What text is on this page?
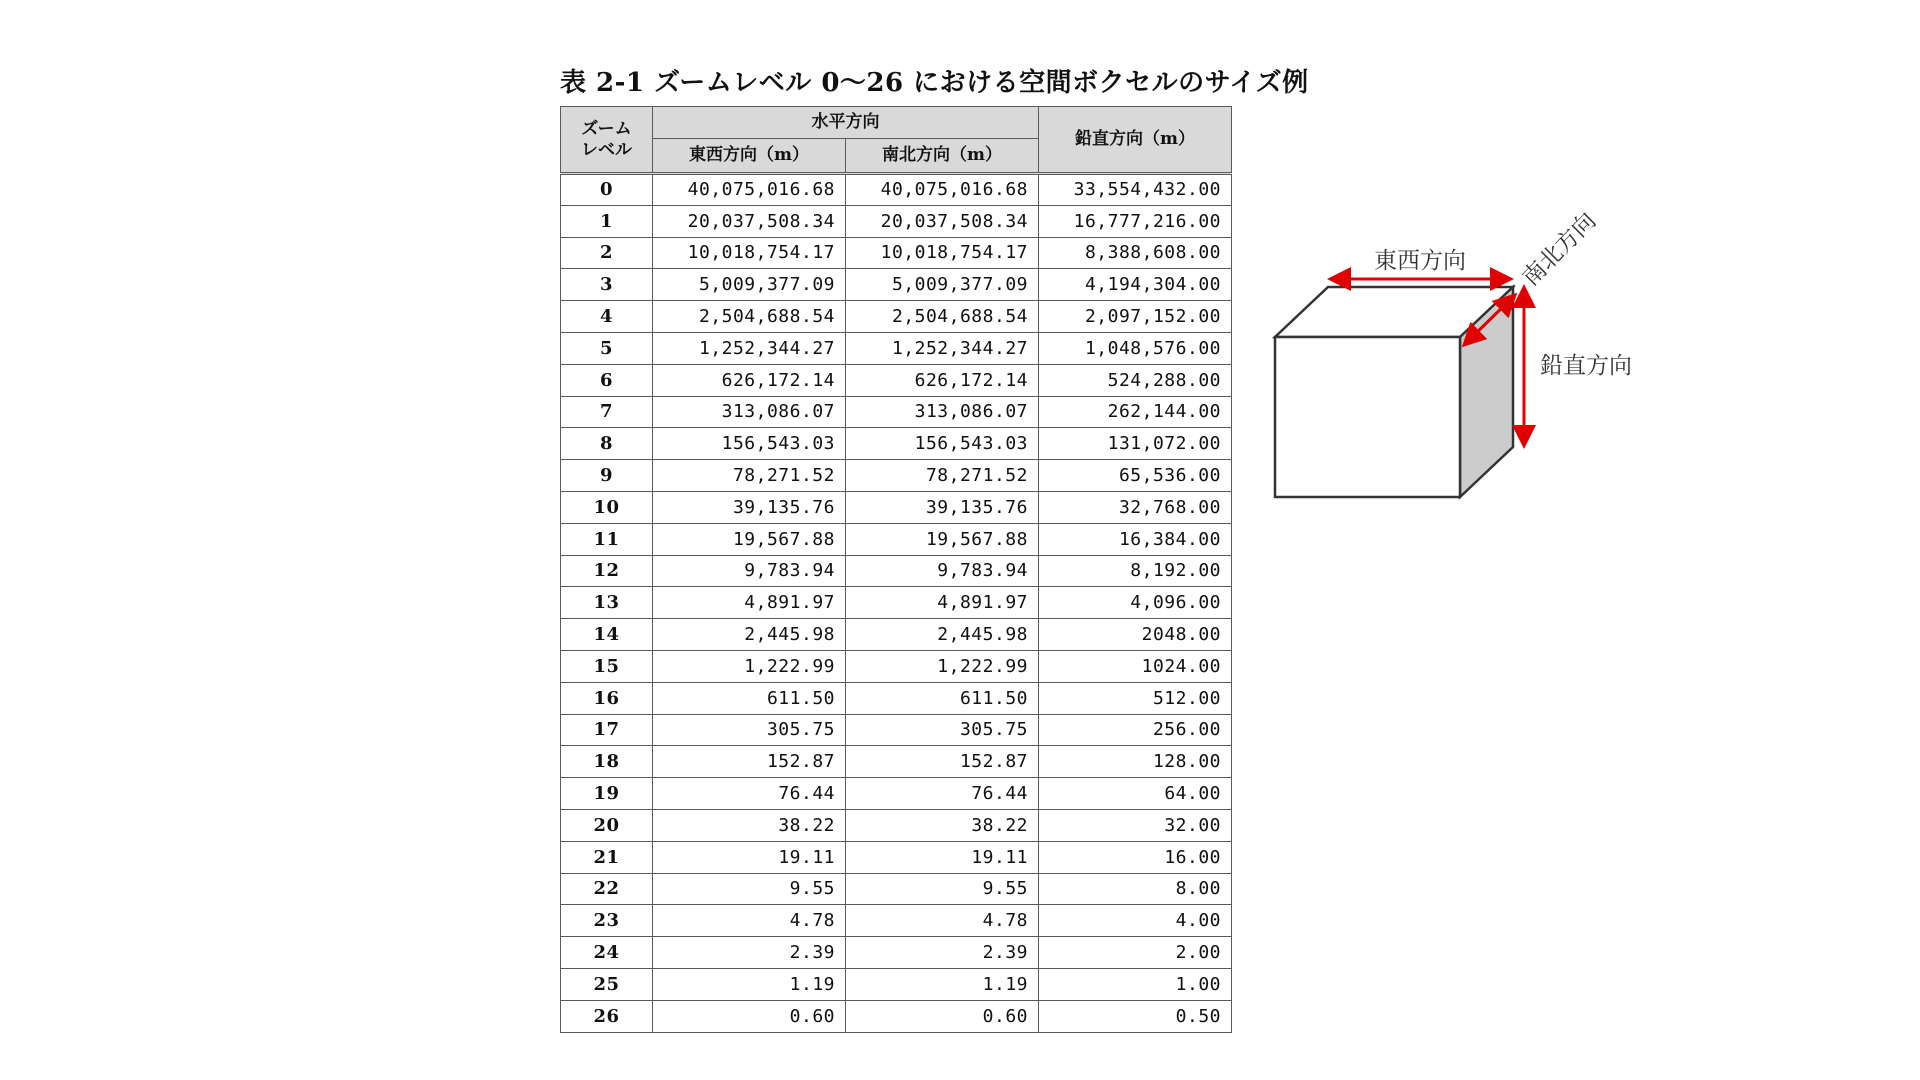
表 2-1 ズームレベル 0〜26 における空間ボクセルのサイズ例
ズーム
レベル	水平方向		鉛直方向（m）
	東西方向（m）	南北方向（m）	
0	40,075,016.68	40,075,016.68	33,554,432.00
1	20,037,508.34	20,037,508.34	16,777,216.00
2	10,018,754.17	10,018,754.17	8,388,608.00
3	5,009,377.09	5,009,377.09	4,194,304.00
4	2,504,688.54	2,504,688.54	2,097,152.00
5	1,252,344.27	1,252,344.27	1,048,576.00
6	626,172.14	626,172.14	524,288.00
7	313,086.07	313,086.07	262,144.00
8	156,543.03	156,543.03	131,072.00
9	78,271.52	78,271.52	65,536.00
10	39,135.76	39,135.76	32,768.00
11	19,567.88	19,567.88	16,384.00
12	9,783.94	9,783.94	8,192.00
13	4,891.97	4,891.97	4,096.00
14	2,445.98	2,445.98	2048.00
15	1,222.99	1,222.99	1024.00
16	611.50	611.50	512.00
17	305.75	305.75	256.00
18	152.87	152.87	128.00
19	76.44	76.44	64.00
20	38.22	38.22	32.00
21	19.11	19.11	16.00
22	9.55	9.55	8.00
23	4.78	4.78	4.00
24	2.39	2.39	2.00
25	1.19	1.19	1.00
26	0.60	0.60	0.50
東西方向 南北方向
鉛直方向
